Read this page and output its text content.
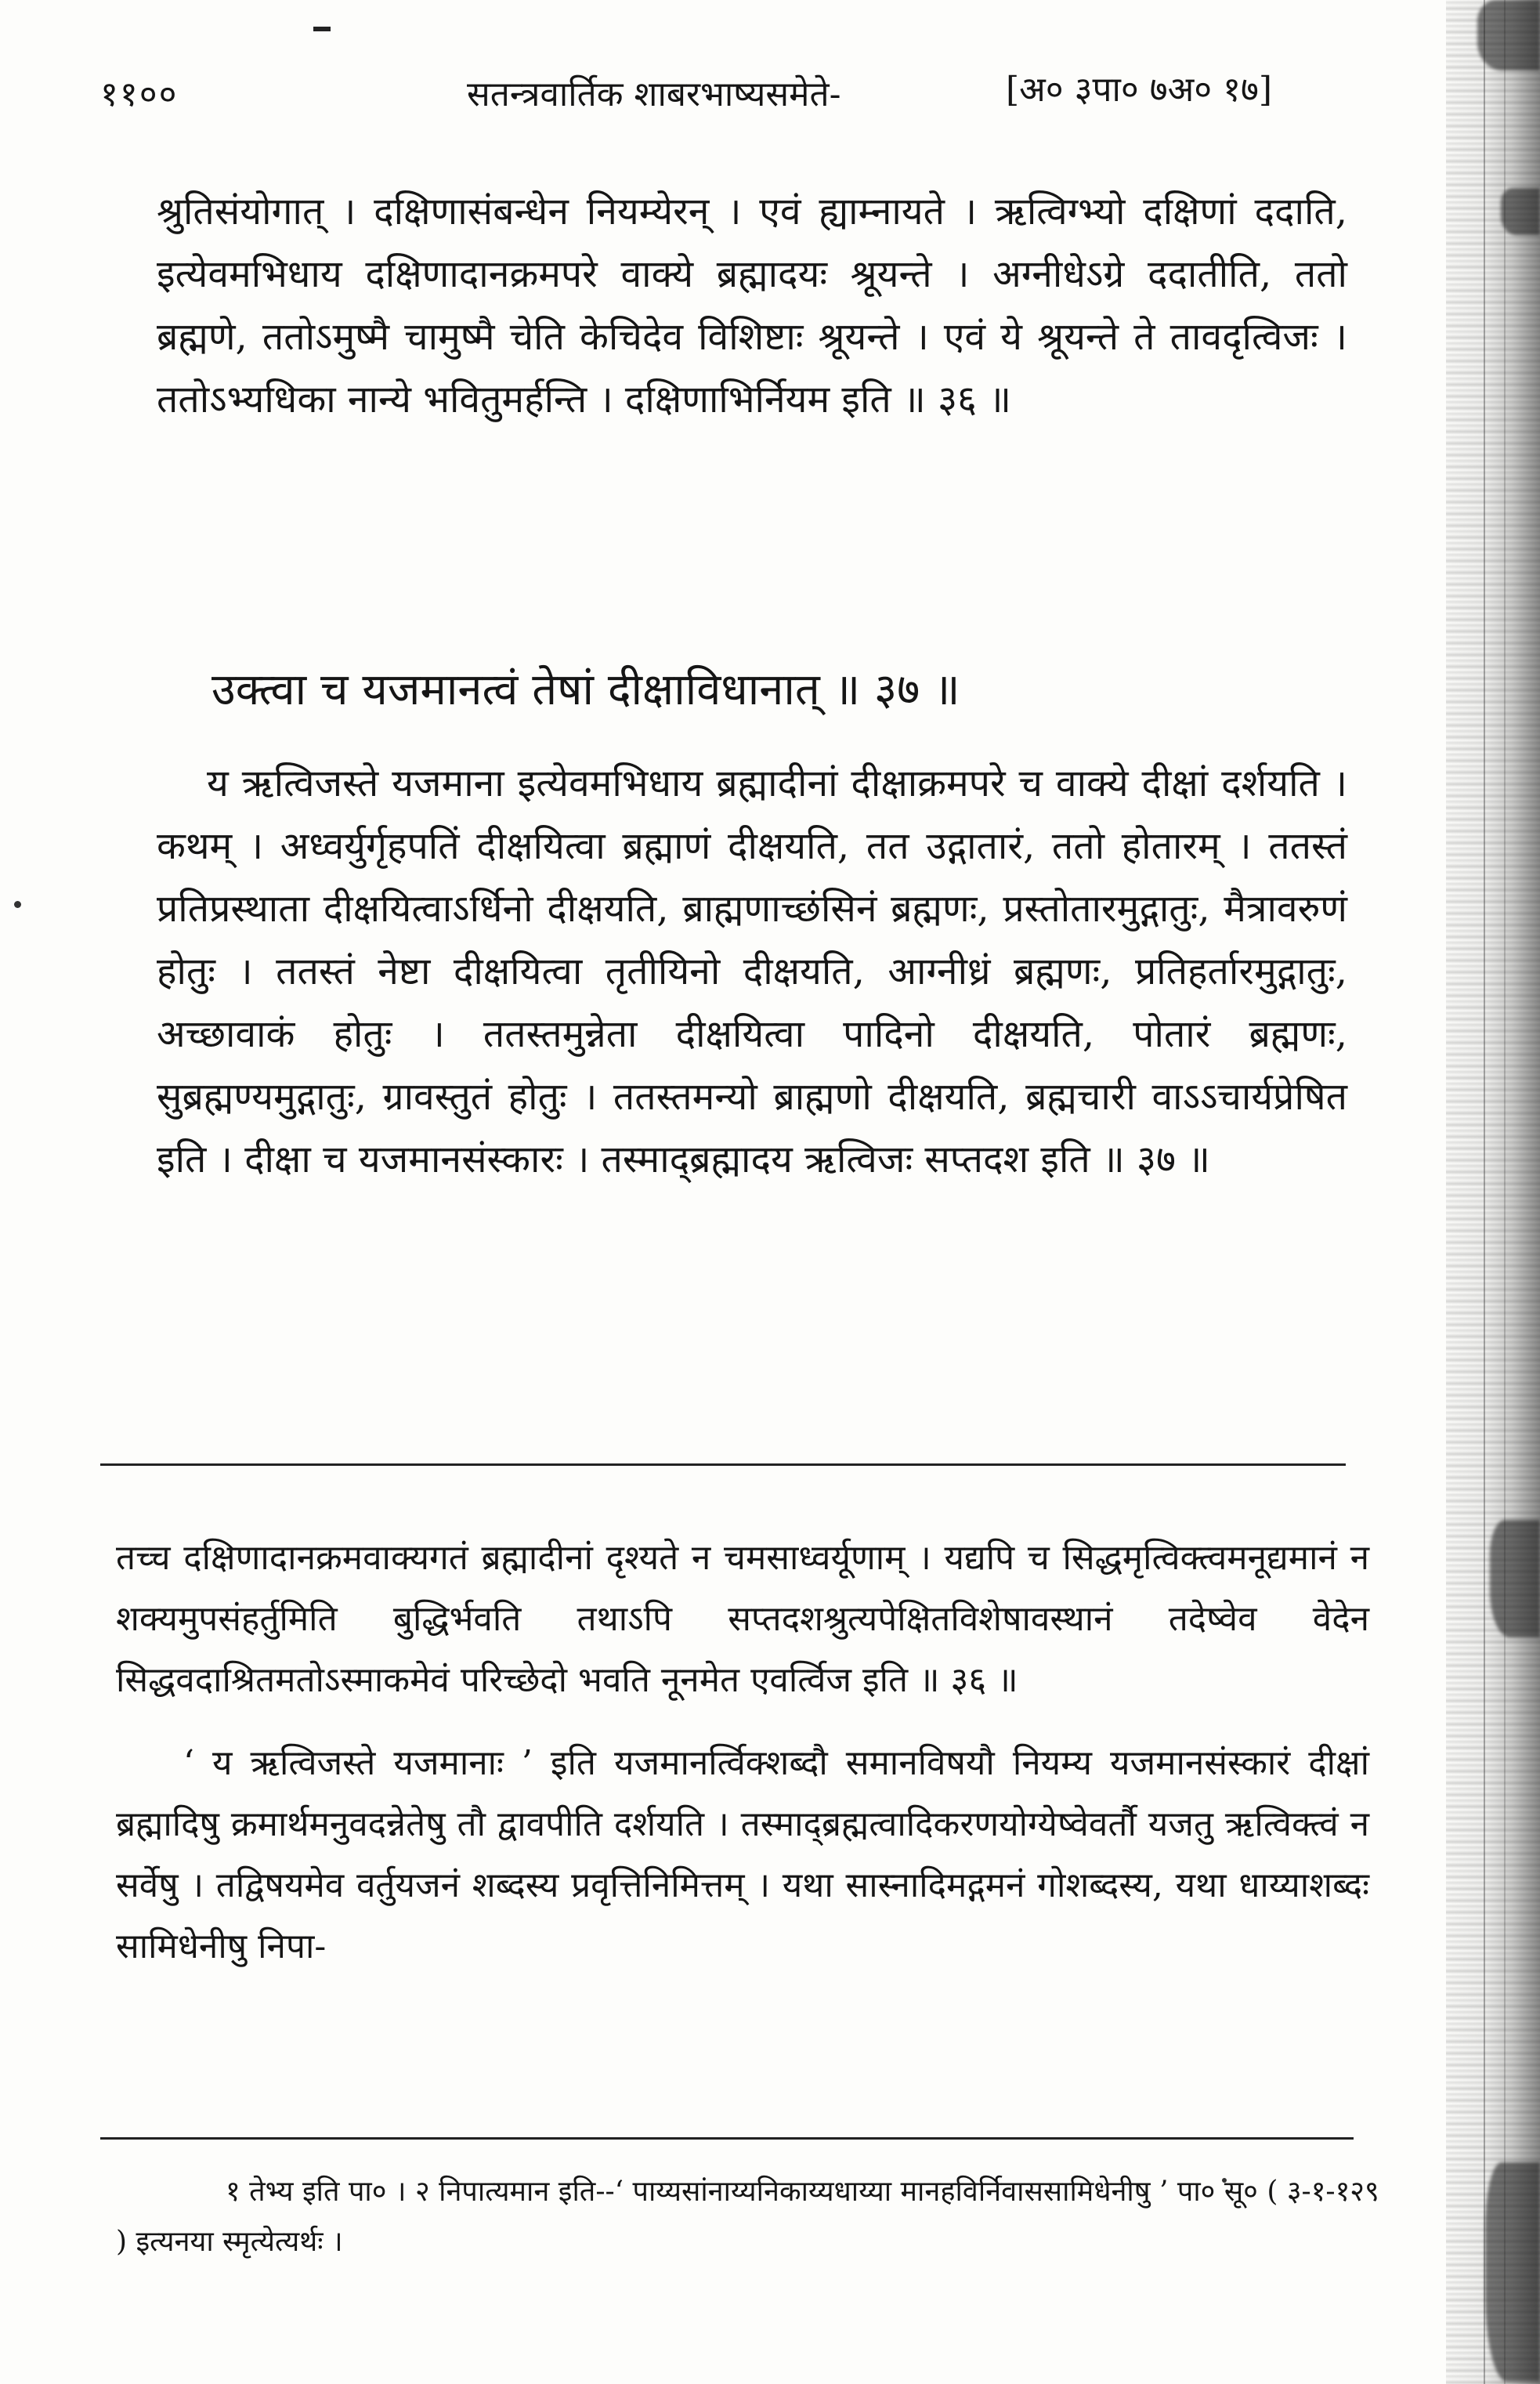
११००	सतन्त्रवार्तिक शाबरभाष्यसमेते-	[अ० ३पा० ७अ० १७]

श्रुतिसंयोगात् । दक्षिणासंबन्धेन नियम्येरन् । एवं ह्याम्नायते । ऋत्विग्भ्यो दक्षिणां ददाति, इत्येवमभिधाय दक्षिणादानक्रमपरे वाक्ये ब्रह्मादयः श्रूयन्ते । अग्नीधेऽग्रे ददातीति, ततो ब्रह्मणे, ततोऽमुष्मै चामुष्मै चेति केचिदेव विशिष्टाः श्रूयन्ते । एवं ये श्रूयन्ते ते तावदृत्विजः । ततोऽभ्यधिका नान्ये भवितुमर्हन्ति । दक्षिणाभिर्नियम इति ॥ ३६ ॥

उक्त्वा च यजमानत्वं तेषां दीक्षाविधानात् ॥ ३७ ॥

य ऋत्विजस्ते यजमाना इत्येवमभिधाय ब्रह्मादीनां दीक्षाक्रमपरे च वाक्ये दीक्षां दर्शयति । कथम् । अध्वर्युर्गृहपतिं दीक्षयित्वा ब्रह्माणं दीक्षयति, तत उद्गातारं, ततो होतारम् । ततस्तं प्रतिप्रस्थाता दीक्षयित्वाऽर्धिनो दीक्षयति, ब्राह्मणाच्छंसिनं ब्रह्मणः, प्रस्तोतारमुद्गातुः, मैत्रावरुणं होतुः । ततस्तं नेष्टा दीक्षयित्वा तृतीयिनो दीक्षयति, आग्नीध्रं ब्रह्मणः, प्रतिहर्तारमुद्गातुः, अच्छावाकं होतुः । ततस्तमुन्नेता दीक्षयित्वा पादिनो दीक्षयति, पोतारं ब्रह्मणः, सुब्रह्मण्यमुद्गातुः, ग्रावस्तुतं होतुः । ततस्तमन्यो ब्राह्मणो दीक्षयति, ब्रह्मचारी वाऽऽचार्यप्रेषित इति । दीक्षा च यजमानसंस्कारः । तस्माद्ब्रह्मादय ऋत्विजः सप्तदश इति ॥ ३७ ॥

तच्च दक्षिणादानक्रमवाक्यगतं ब्रह्मादीनां दृश्यते न चमसाध्वर्यूणाम् । यद्यपि च सिद्धमृत्विक्त्वमनूद्यमानं न शक्यमुपसंहर्तुमिति बुद्धिर्भवति तथाऽपि सप्तदशश्रुत्यपेक्षितविशेषावस्थानं तदेष्वेव वेदेन सिद्धवदाश्रितमतोऽस्माकमेवं परिच्छेदो भवति नूनमेत एवर्त्विज इति ॥ ३६ ॥

‘ य ऋत्विजस्ते यजमानाः ’ इति यजमानर्त्विक्शब्दौ समानविषयौ नियम्य यजमानसंस्कारं दीक्षां ब्रह्मादिषु क्रमार्थमनुवदन्नेतेषु तौ द्वावपीति दर्शयति । तस्माद्ब्रह्मत्वादिकरणयोग्येष्वेवर्तौ यजतु ऋत्विक्त्वं न सर्वेषु । तद्विषयमेव वर्तुयजनं शब्दस्य प्रवृत्तिनिमित्तम् । यथा सास्नादिमद्गमनं गोशब्दस्य, यथा धाय्याशब्दः सामिधेनीषु निपा-

१ तेभ्य इति पा० । २ निपात्यमान इति--‘ पाय्यसांनाय्यनिकाय्यधाय्या मानहविर्निवाससामिधेनीषु ’ पा० सू० ( ३-१-१२९ ) इत्यनया स्मृत्येत्यर्थः ।
